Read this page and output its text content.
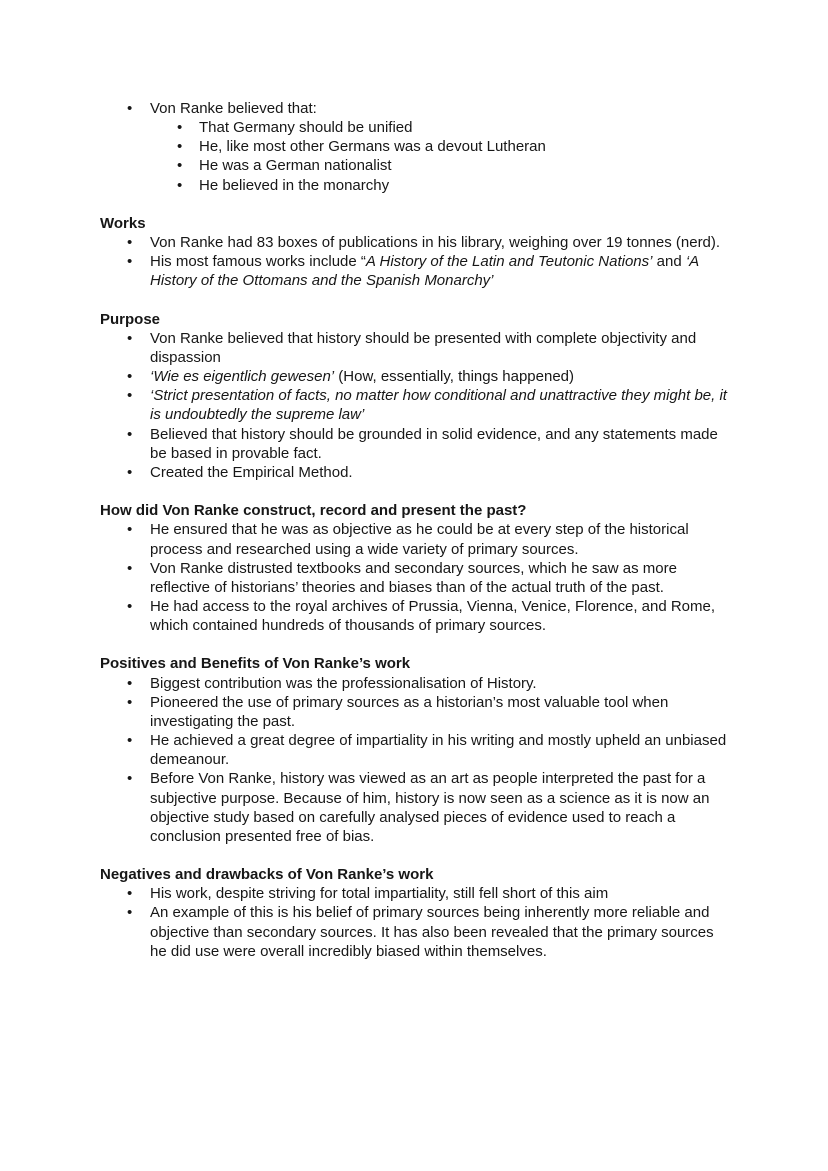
•	Von Ranke believed that:
•	That Germany should be unified
•	He, like most other Germans was a devout Lutheran
•	He was a German nationalist
•	He believed in the monarchy
Works
•	Von Ranke had 83 boxes of publications in his library, weighing over 19 tonnes (nerd).
•	His most famous works include “A History of the Latin and Teutonic Nations’ and ‘A History of the Ottomans and the Spanish Monarchy’
Purpose
•	Von Ranke believed that history should be presented with complete objectivity and dispassion
•	‘Wie es eigentlich gewesen’ (How, essentially, things happened)
•	‘Strict presentation of facts, no matter how conditional and unattractive they might be, it is undoubtedly the supreme law’
•	Believed that history should be grounded in solid evidence, and any statements made be based in provable fact.
•	Created the Empirical Method.
How did Von Ranke construct, record and present the past?
•	He ensured that he was as objective as he could be at every step of the historical process and researched using a wide variety of primary sources.
•	Von Ranke distrusted textbooks and secondary sources, which he saw as more reflective of historians’ theories and biases than of the actual truth of the past.
•	He had access to the royal archives of Prussia, Vienna, Venice, Florence, and Rome, which contained hundreds of thousands of primary sources.
Positives and Benefits of Von Ranke’s work
•	Biggest contribution was the professionalisation of History.
•	Pioneered the use of primary sources as a historian’s most valuable tool when investigating the past.
•	He achieved a great degree of impartiality in his writing and mostly upheld an unbiased demeanour.
•	Before Von Ranke, history was viewed as an art as people interpreted the past for a subjective purpose. Because of him, history is now seen as a science as it is now an objective study based on carefully analysed pieces of evidence used to reach a conclusion presented free of bias.
Negatives and drawbacks of Von Ranke’s work
•	His work, despite striving for total impartiality, still fell short of this aim
•	An example of this is his belief of primary sources being inherently more reliable and objective than secondary sources. It has also been revealed that the primary sources he did use were overall incredibly biased within themselves.
